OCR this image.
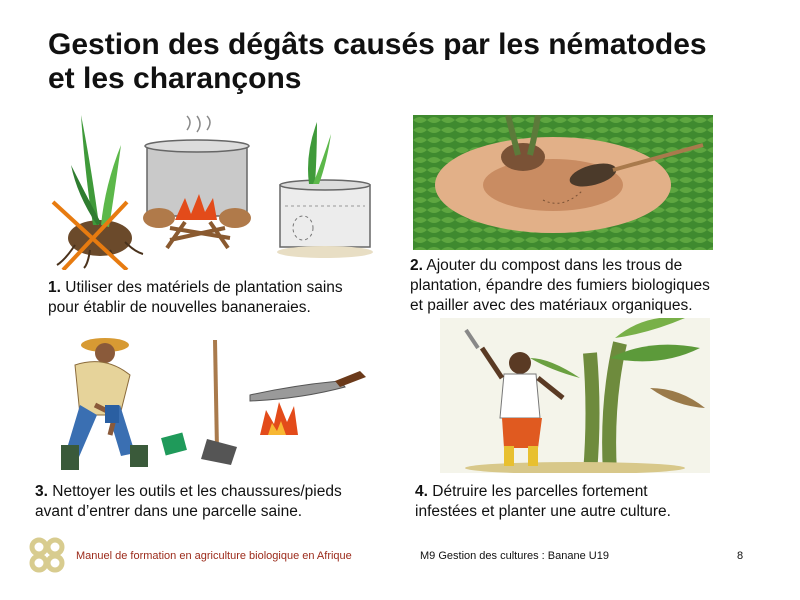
Gestion des dégâts causés par les nématodes
et les charançons
1. Utiliser des matériels de plantation sains
pour établir de nouvelles bananeraies.
2. Ajouter du compost dans les trous de
plantation, épandre des fumiers biologiques
et pailler avec des matériaux organiques.
3. Nettoyer les outils et les chaussures/pieds
avant d’entrer dans une parcelle saine.
4. Détruire les parcelles fortement
infestées et planter une autre culture.
Manuel de formation en agriculture biologique en Afrique	M9 Gestion des cultures : Banane U19	8
